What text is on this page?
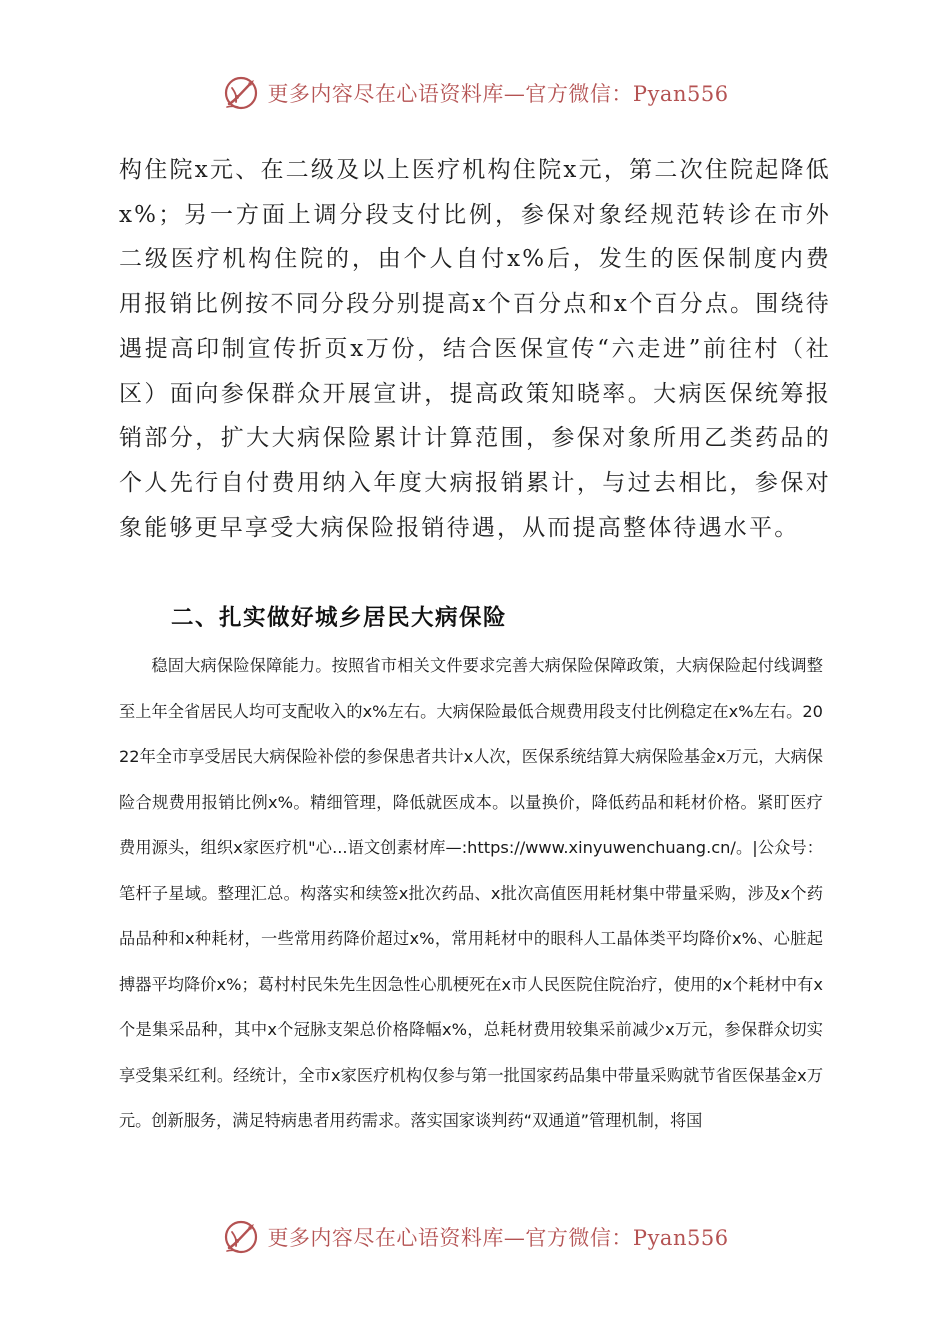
更多内容尽在心语资料库—官方微信：Pyan556

构住院x元、在二级及以上医疗机构住院x元，第二次住院起降低x%；另一方面上调分段支付比例，参保对象经规范转诊在市外二级医疗机构住院的，由个人自付x%后，发生的医保制度内费用报销比例按不同分段分别提高x个百分点和x个百分点。围绕待遇提高印制宣传折页x万份，结合医保宣传“六走进”前往村（社区）面向参保群众开展宣讲，提高政策知晓率。大病医保统筹报销部分，扩大大病保险累计计算范围，参保对象所用乙类药品的个人先行自付费用纳入年度大病报销累计，与过去相比，参保对象能够更早享受大病保险报销待遇，从而提高整体待遇水平。

二、扎实做好城乡居民大病保险

稳固大病保险保障能力。按照省市相关文件要求完善大病保险保障政策，大病保险起付线调整至上年全省居民人均可支配收入的x%左右。大病保险最低合规费用段支付比例稳定在x%左右。2022年全市享受居民大病保险补偿的参保患者共计x人次，医保系统结算大病保险基金x万元，大病保险合规费用报销比例x%。精细管理，降低就医成本。以量换价，降低药品和耗材价格。紧盯医疗费用源头，组织x家医疗机"心...语文创素材库—:https://www.xinyuwenchuang.cn/。|公众号：笔杆子星域。整理汇总。构落实和续签x批次药品、x批次高值医用耗材集中带量采购，涉及x个药品品种和x种耗材，一些常用药降价超过x%，常用耗材中的眼科人工晶体类平均降价x%、心脏起搏器平均降价x%；葛村村民朱先生因急性心肌梗死在x市人民医院住院治疗，使用的x个耗材中有x个是集采品种，其中x个冠脉支架总价格降幅x%，总耗材费用较集采前减少x万元，参保群众切实享受集采红利。经统计，全市x家医疗机构仅参与第一批国家药品集中带量采购就节省医保基金x万元。创新服务，满足特病患者用药需求。落实国家谈判药“双通道”管理机制，将国

更多内容尽在心语资料库—官方微信：Pyan556
